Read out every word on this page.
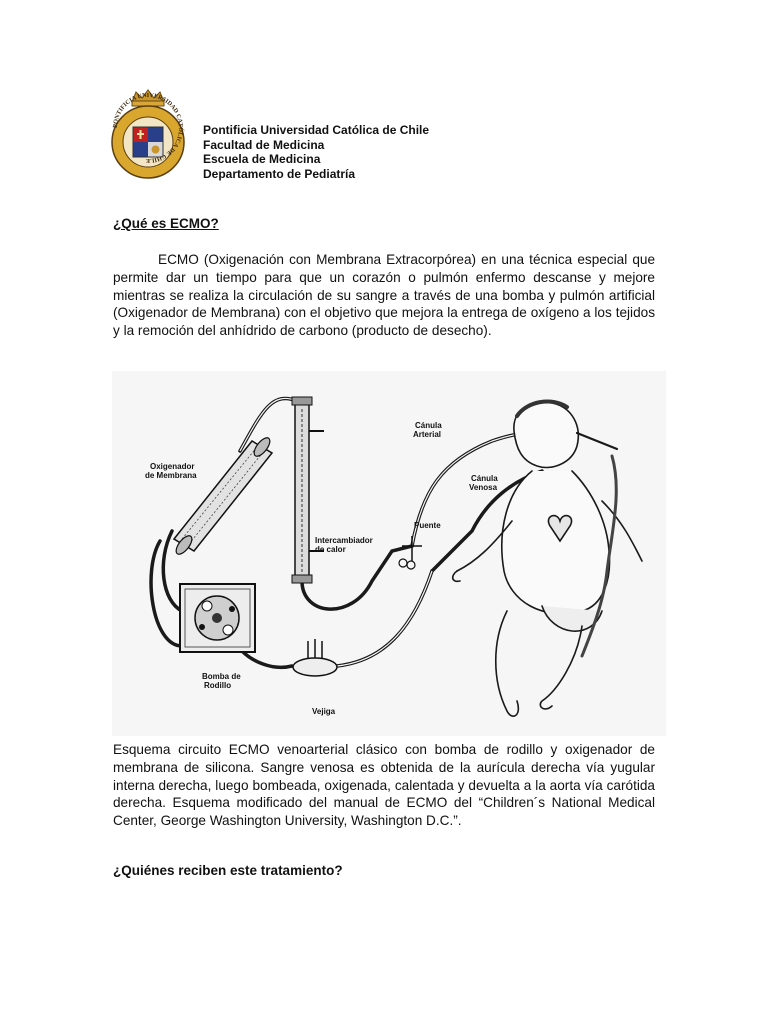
PONTIFICIA UNIVERSIDAD CATÓLICA DE CHILE
Pontificia Universidad Católica de Chile
Facultad de Medicina
Escuela de Medicina
Departamento de Pediatría
¿Qué es ECMO?
ECMO (Oxigenación con Membrana Extracorpórea) en una técnica especial que permite dar un tiempo para que un corazón o pulmón enfermo descanse y mejore mientras se realiza la circulación de su sangre a través de una bomba y pulmón artificial (Oxigenador de Membrana) con el objetivo que mejora la entrega de oxígeno a los tejidos y la remoción del anhídrido de carbono (producto de desecho).
Oxigenador
de Membrana
Intercambiador
de calor
Cánula
Arterial
Cánula
Venosa
Puente
Bomba de
Rodillo
Vejiga
Esquema circuito ECMO venoarterial clásico con bomba de rodillo y oxigenador de membrana de silicona. Sangre venosa es obtenida de la aurícula derecha vía yugular interna derecha, luego bombeada, oxigenada, calentada y devuelta a la aorta vía carótida derecha. Esquema modificado del manual de ECMO del “Children´s National Medical Center, George Washington University, Washington D.C.”.
¿Quiénes reciben este tratamiento?
